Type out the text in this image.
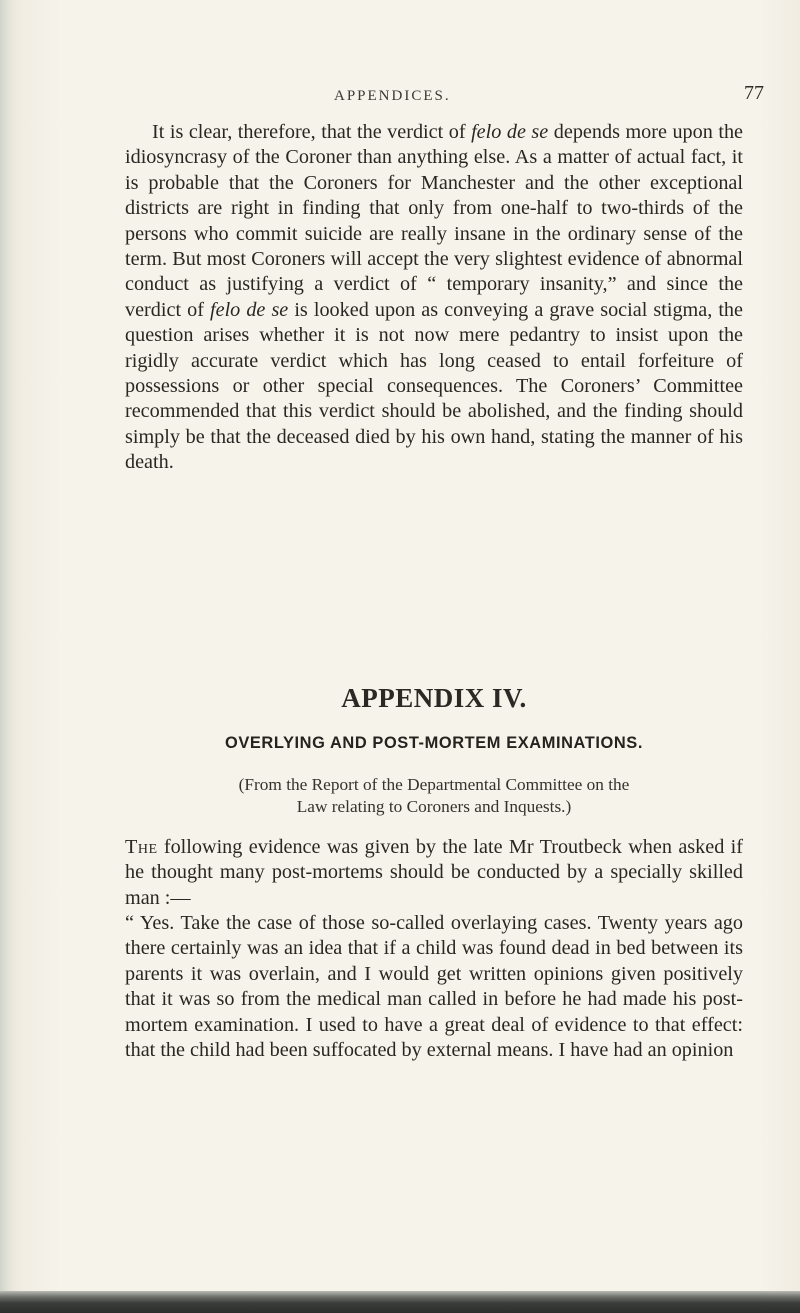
APPENDICES.	77

It is clear, therefore, that the verdict of felo de se depends more upon the idiosyncrasy of the Coroner than anything else. As a matter of actual fact, it is probable that the Coroners for Manchester and the other exceptional districts are right in finding that only from one-half to two-thirds of the persons who commit suicide are really insane in the ordinary sense of the term. But most Coroners will accept the very slightest evidence of abnormal conduct as justifying a verdict of “ temporary insanity,” and since the verdict of felo de se is looked upon as conveying a grave social stigma, the question arises whether it is not now mere pedantry to insist upon the rigidly accurate verdict which has long ceased to entail forfeiture of possessions or other special consequences. The Coroners’ Committee recommended that this verdict should be abolished, and the finding should simply be that the deceased died by his own hand, stating the manner of his death.

APPENDIX IV.
OVERLYING AND POST-MORTEM EXAMINATIONS.

(From the Report of the Departmental Committee on the
Law relating to Coroners and Inquests.)

The following evidence was given by the late Mr Troutbeck when asked if he thought many post-mortems should be conducted by a specially skilled man :—

“ Yes. Take the case of those so-called overlaying cases. Twenty years ago there certainly was an idea that if a child was found dead in bed between its parents it was overlain, and I would get written opinions given positively that it was so from the medical man called in before he had made his post-mortem examination. I used to have a great deal of evidence to that effect: that the child had been suffocated by external means. I have had an opinion
